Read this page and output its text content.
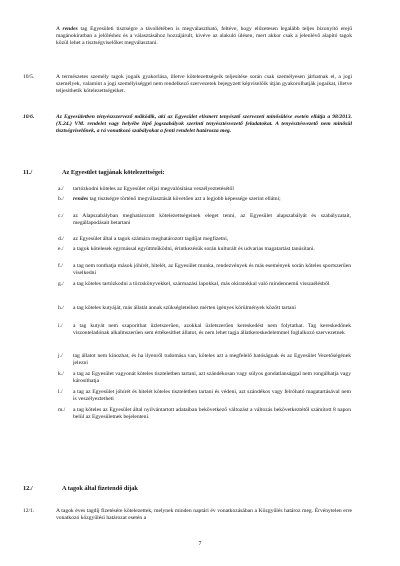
A rendes tag Egyesületi tisztségre a távollétében is megválasztható, feltéve, hogy előzetesen legalább teljes bizonyító erejű magánokiratban a jelöléshez és a választásához hozzájárult, kivéve az alakuló ülésen, mert akkor csak a jelenlévő alapító tagok közül lehet a tisztségviselőket megválasztani.
10/5.	A természetes személy tagok jogaik gyakorlása, illetve kötelezettségeik teljesítése során csak személyesen járhatnak el, a jogi személyek, valamint a jogi személyiséggel nem rendelkező szervezetek bejegyzett képviselőik útján gyakorolhatják jogaikat, illetve teljesíthetik kötelezettségeiket.
10/6.	Az Egyesületben tényészszervező működik, aki az Egyesület elismert tenyésztő szervezeti minősülése esetén ellátja a 98/2013.(X.24.) VM. rendelet vagy helyébe lépő jogszabályok szerinti tenyésztésvezető feladatokat. A tenyésztésvezető nem minősül tisztségviselőnek, a rá vonatkozó szabályokat a fenti rendelet határozza meg.
11./	Az Egyesület tagjának kötelezettségei:
a./	tartózkodni köteles az Egyesület céljai megvalósítása veszélyeztetésétől
b./	rendes tag tisztségre történő megválasztását követően azt a legjobb képessége szerint ellátni;
c./	az Alapszabályban meghatározott kötelezettségeinek eleget tenni, az Egyesület alapszabályát és szabályzatait, megállapodásait betartani
d./	az Egyesület által a tagok számára meghatározott tagdíjat megfizetni,
e./	a tagok kötelesek egymással együttműködni, érintkezésük során kulturált és udvarias magatartást tanúsítani.
f./	a tag nem ronthatja mások jóhírét, hitelét, az Egyesület munka, rendezvények és más események során köteles sportszerűen viselkedni
g./	a tag köteles tartózkodni a törzskönyvekkel, származási lapokkal, más okiratokkal való mindennemű visszaélésből
h./	a tag köteles kutyáját, más állatát annak szükségleteihez mérten igényes körülmények között tartani
i./	a tag kutyát nem szaporíthat üzletszerűen, azokkal üzletszerűen kereskedést nem folytathat. Tag kereskedőnek viszonteladónak alkalmszerűen sem értékesíthet állatot, és nem lehet tagja állatkereskedelemmel foglalkozó szervezetnek
j./	tag állatot nem kínozhat, és ha ilyenről tudomása van, köteles azt a megfelelő hatóságnak és az Egyesület Vezetőségének jelezni
k./	a tag az Egyesület vagyonát köteles tiszteletben tartani, azt szándékosan vagy súlyos gondatlansággal nem rongálhatja vagy károsíthatja
l./	a tag az Egyesület jóhírét és hitelét köteles tiszteletben tartani és védeni, azt szándékos vagy felróható magatartásával nem is veszélyeztetheti
m./	a tag köteles az Egyesület által nyilvántartott adataiban bekövetkező változást a változás bekövetkeztétől számított 8 napon belül az Egyesületnek bejelenteni.
12./	A tagok által fizetendő díjak
12/1.	A tagok éves tagdíj fizetésére kötelezettek, melynek minden naptári év vonatkozásában a Közgyűlés határoz meg. Érvénytelen erre vonatkozó közgyűlési határozat esetén a
7
